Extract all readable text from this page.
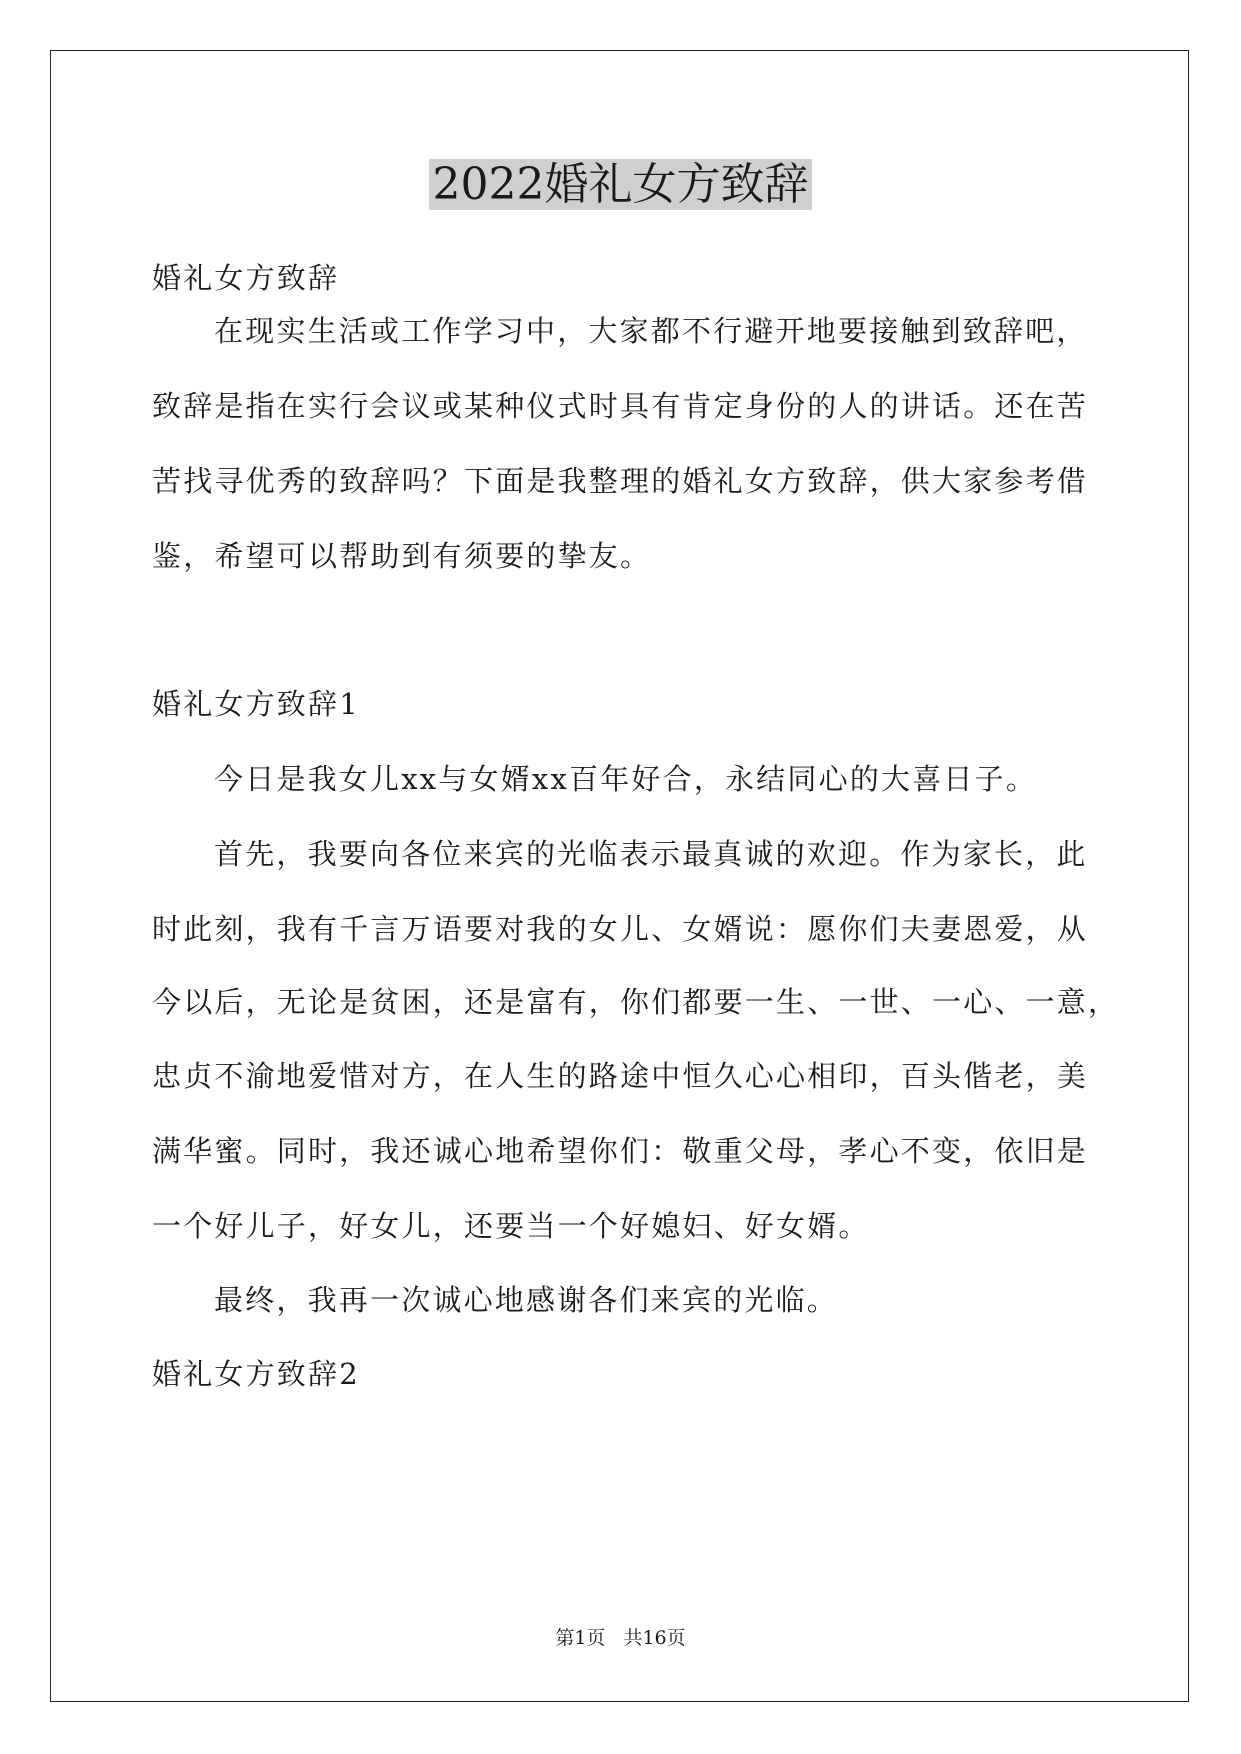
2022婚礼女方致辞
婚礼女方致辞
在现实生活或工作学习中，大家都不行避开地要接触到致辞吧，
致辞是指在实行会议或某种仪式时具有肯定身份的人的讲话。还在苦
苦找寻优秀的致辞吗？下面是我整理的婚礼女方致辞，供大家参考借
鉴，希望可以帮助到有须要的挚友。
婚礼女方致辞1
今日是我女儿xx与女婿xx百年好合，永结同心的大喜日子。
首先，我要向各位来宾的光临表示最真诚的欢迎。作为家长，此
时此刻，我有千言万语要对我的女儿、女婿说：愿你们夫妻恩爱，从
今以后，无论是贫困，还是富有，你们都要一生、一世、一心、一意，
忠贞不渝地爱惜对方，在人生的路途中恒久心心相印，百头偕老，美
满华蜜。同时，我还诚心地希望你们：敬重父母，孝心不变，依旧是
一个好儿子，好女儿，还要当一个好媳妇、好女婿。
最终，我再一次诚心地感谢各们来宾的光临。
婚礼女方致辞2
第1页 共16页
